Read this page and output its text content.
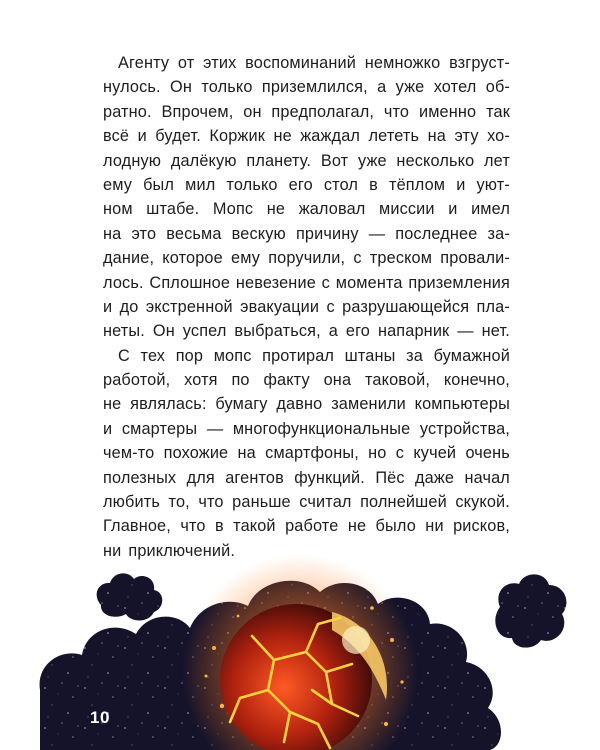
Агенту от этих воспоминаний немножко взгруст-
нулось. Он только приземлился, а уже хотел об-
ратно. Впрочем, он предполагал, что именно так
всё и будет. Коржик не жаждал лететь на эту хо-
лодную далёкую планету. Вот уже несколько лет
ему был мил только его стол в тёплом и уют-
ном штабе. Мопс не жаловал миссии и имел
на это весьма вескую причину — последнее за-
дание, которое ему поручили, с треском провали-
лось. Сплошное невезение с момента приземления
и до экстренной эвакуации с разрушающейся пла-
неты. Он успел выбраться, а его напарник — нет.
С тех пор мопс протирал штаны за бумажной
работой, хотя по факту она таковой, конечно,
не являлась: бумагу давно заменили компьютеры
и смартеры — многофункциональные устройства,
чем-то похожие на смартфоны, но с кучей очень
полезных для агентов функций. Пёс даже начал
любить то, что раньше считал полнейшей скукой.
Главное, что в такой работе не было ни рисков,
ни приключений.
10
